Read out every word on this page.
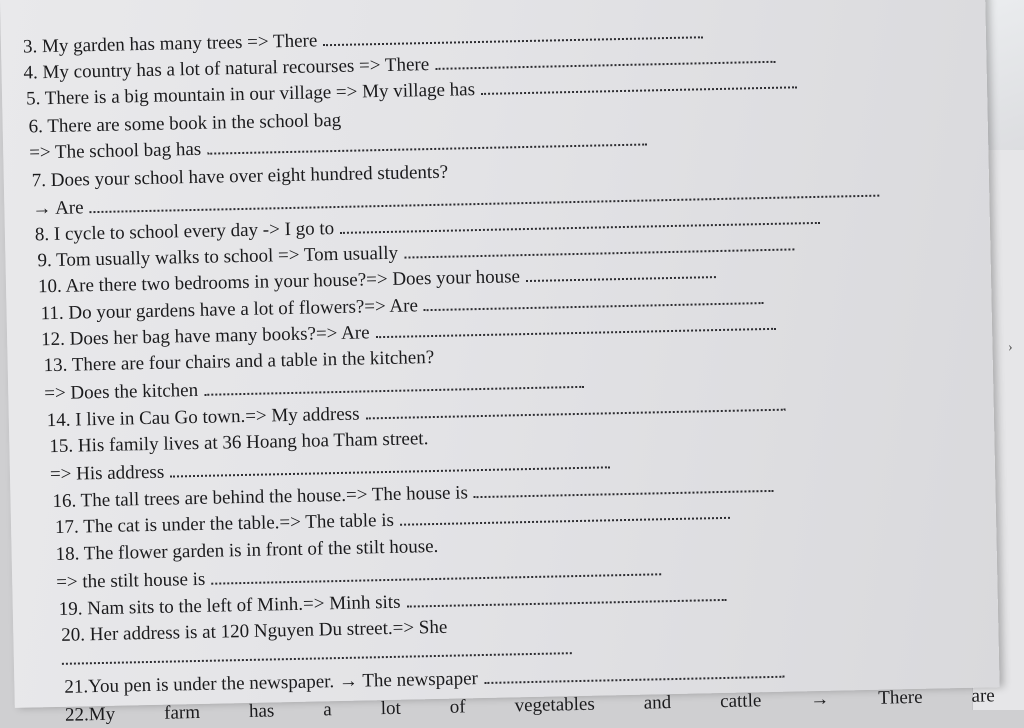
3. My garden has many trees => There
4. My country has a lot of natural recourses => There
5. There is a big mountain in our village => My village has
6. There are some book in the school bag
=> The school bag has
7. Does your school have over eight hundred students?
→ Are
8. I cycle to school every day -> I go to
9. Tom usually walks to school => Tom usually
10. Are there two bedrooms in your house?=> Does your house
11. Do your gardens have a lot of flowers?=> Are
12. Does her bag have many books?=> Are
13. There are four chairs and a table in the kitchen?
=> Does the kitchen
14. I live in Cau Go town.=> My address
15. His family lives at 36 Hoang hoa Tham street.
=> His address
16. The tall trees are behind the house.=> The house is
17. The cat is under the table.=> The table is
18. The flower garden is in front of the stilt house.
=> the stilt house is
19. Nam sits to the left of Minh.=> Minh sits
20. Her address is at 120 Nguyen Du street.=> She
21.You pen is under the newspaper. → The newspaper
22.My	farm	has	a	lot	of	vegetables	and	cattle	→	There	are
›
